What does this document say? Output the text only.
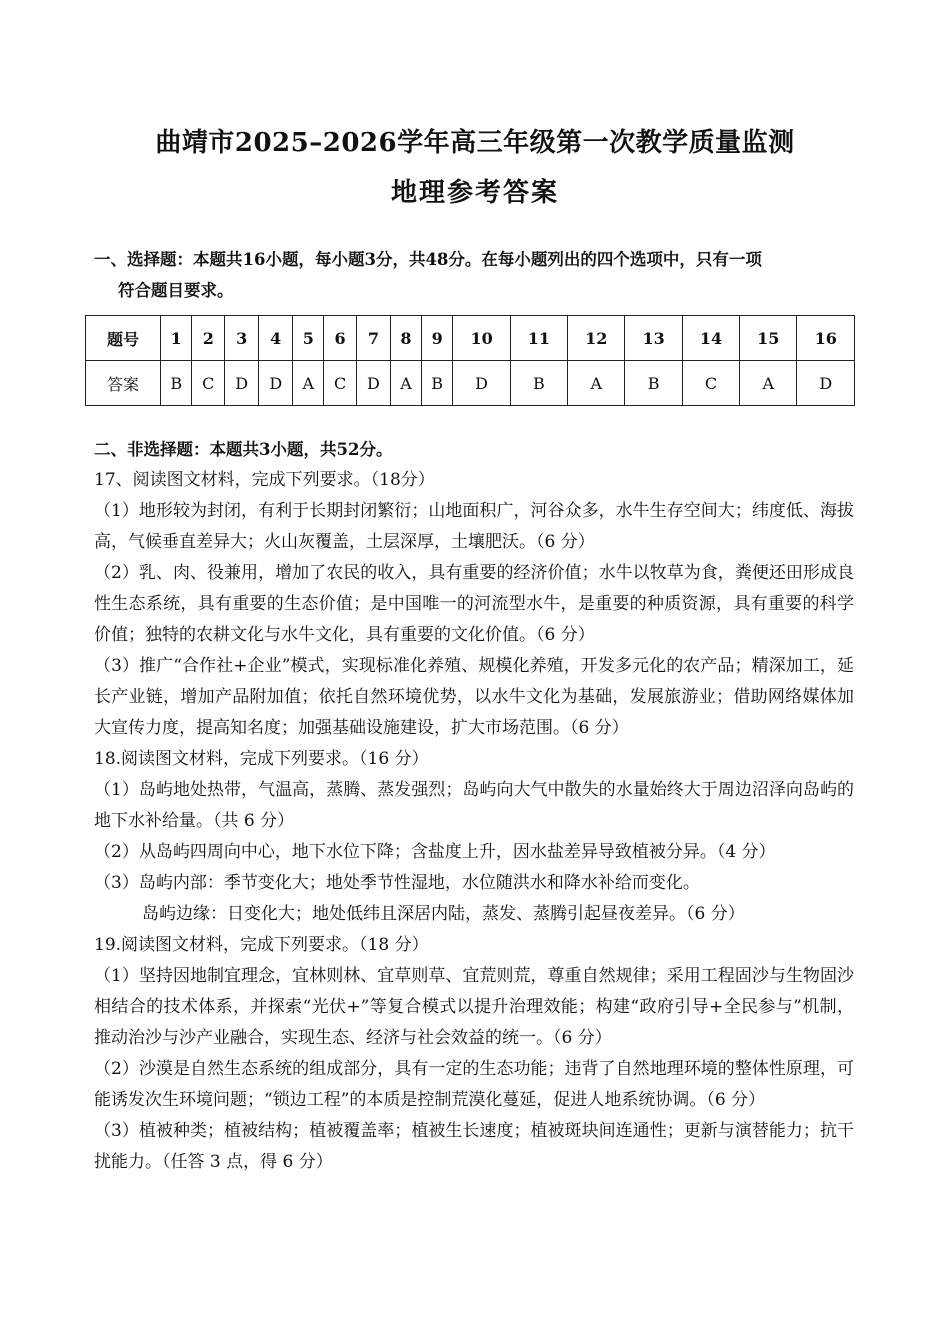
曲靖市2025–2026学年高三年级第一次教学质量监测
地理参考答案
一、选择题：本题共16小题，每小题3分，共48分。在每小题列出的四个选项中，只有一项
符合题目要求。
题号	1	2	3	4	5	6	7	8	9	10	11	12	13	14	15	16
答案	B	C	D	D	A	C	D	A	B	D	B	A	B	C	A	D

二、非选择题：本题共3小题，共52分。

17、阅读图文材料，完成下列要求。（18分）

（1）地形较为封闭，有利于长期封闭繁衍；山地面积广，河谷众多，水牛生存空间大；纬度低、海拔高，气候垂直差异大；火山灰覆盖，土层深厚，土壤肥沃。（6 分）

（2）乳、肉、役兼用，增加了农民的收入，具有重要的经济价值；水牛以牧草为食，粪便还田形成良性生态系统，具有重要的生态价值；是中国唯一的河流型水牛，是重要的种质资源，具有重要的科学价值；独特的农耕文化与水牛文化，具有重要的文化价值。（6 分）

（3）推广“合作社+企业”模式，实现标准化养殖、规模化养殖，开发多元化的农产品；精深加工，延长产业链，增加产品附加值；依托自然环境优势，以水牛文化为基础，发展旅游业；借助网络媒体加大宣传力度，提高知名度；加强基础设施建设，扩大市场范围。（6 分）

18.阅读图文材料，完成下列要求。（16 分）

（1）岛屿地处热带，气温高，蒸腾、蒸发强烈；岛屿向大气中散失的水量始终大于周边沼泽向岛屿的地下水补给量。（共 6 分）

（2）从岛屿四周向中心，地下水位下降；含盐度上升，因水盐差异导致植被分异。（4 分）

（3）岛屿内部：季节变化大；地处季节性湿地，水位随洪水和降水补给而变化。

岛屿边缘：日变化大；地处低纬且深居内陆，蒸发、蒸腾引起昼夜差异。（6 分）

19.阅读图文材料，完成下列要求。（18 分）

（1）坚持因地制宜理念，宜林则林、宜草则草、宜荒则荒，尊重自然规律；采用工程固沙与生物固沙相结合的技术体系，并探索“光伏+”等复合模式以提升治理效能；构建“政府引导+全民参与”机制，推动治沙与沙产业融合，实现生态、经济与社会效益的统一。（6 分）

（2）沙漠是自然生态系统的组成部分，具有一定的生态功能；违背了自然地理环境的整体性原理，可能诱发次生环境问题；“锁边工程”的本质是控制荒漠化蔓延，促进人地系统协调。（6 分）

（3）植被种类；植被结构；植被覆盖率；植被生长速度；植被斑块间连通性；更新与演替能力；抗干扰能力。（任答 3 点，得 6 分）
